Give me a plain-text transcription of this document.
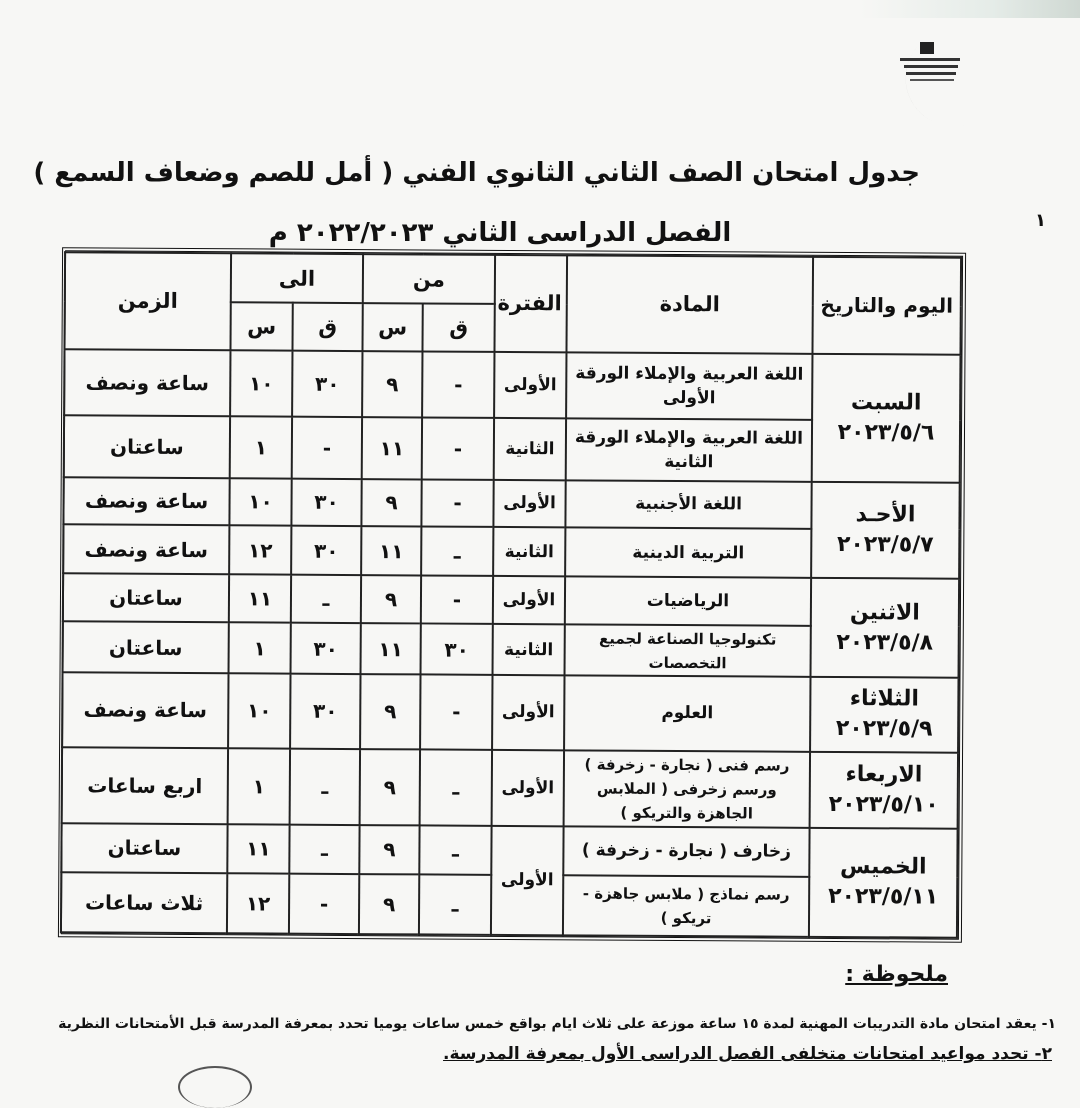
جدول امتحان الصف الثاني الثانوي الفني ( أمل للصم وضعاف السمع )
الفصل الدراسى الثاني ٢٠٢٢/٢٠٢٣ م	١
اليوم والتاريخ	المادة	الفترة	من		الى		الزمن
			ق	س	ق	س	

السبت
٢٠٢٣/٥/٦	اللغة العربية والإملاء الورقة الأولى	الأولى	-	٩	٣٠	١٠	ساعة ونصف
	اللغة العربية والإملاء الورقة الثانية	الثانية	-	١١	-	١	ساعتان

الأحـد
٢٠٢٣/٥/٧	اللغة الأجنبية	الأولى	-	٩	٣٠	١٠	ساعة ونصف
	التربية الدينية	الثانية	ـ	١١	٣٠	١٢	ساعة ونصف

الاثنين
٢٠٢٣/٥/٨	الرياضيات	الأولى	-	٩	ـ	١١	ساعتان
	تكنولوجيا الصناعة لجميع التخصصات	الثانية	٣٠	١١	٣٠	١	ساعتان

الثلاثاء
٢٠٢٣/٥/٩	العلوم	الأولى	-	٩	٣٠	١٠	ساعة ونصف

الاربعاء
٢٠٢٣/٥/١٠	رسم فنى ( نجارة - زخرفة ) ورسم زخرفى ( الملابس الجاهزة والتريكو )	الأولى	ـ	٩	ـ	١	اربع ساعات

الخميس
٢٠٢٣/٥/١١	زخارف ( نجارة - زخرفة )	الأولى	ـ	٩	ـ	١١	ساعتان
	رسم نماذج ( ملابس جاهزة - تريكو )		ـ	٩	-	١٢	ثلاث ساعات
ملحوظة :
١- يعقد امتحان مادة التدريبات المهنية لمدة ١٥ ساعة موزعة على ثلاث ايام بواقع خمس ساعات يوميا تحدد بمعرفة المدرسة قبل الأمتحانات النظرية
٢- تحدد مواعيد امتحانات متخلفى الفصل الدراسى الأول بمعرفة المدرسة.
